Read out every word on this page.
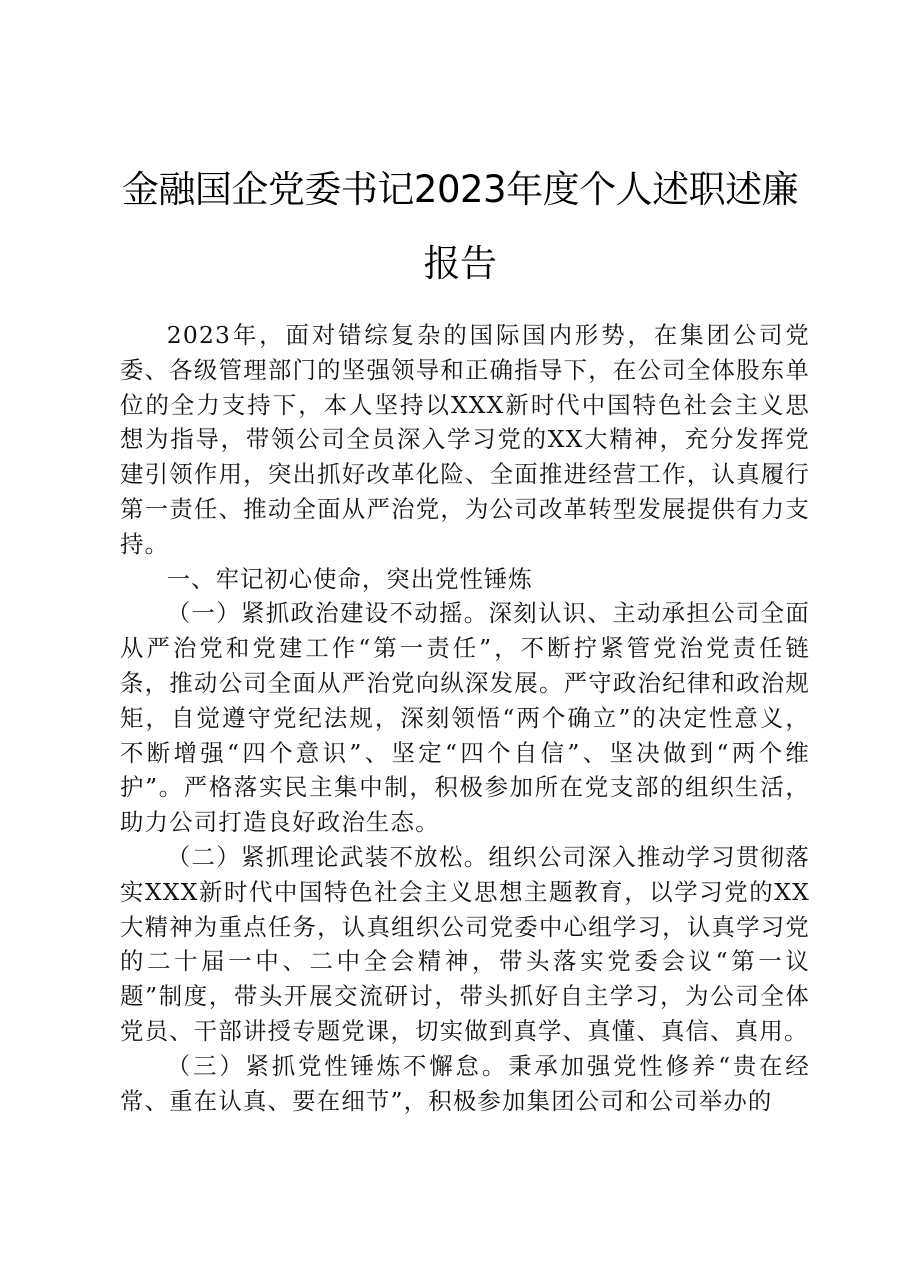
金融国企党委书记2023年度个人述职述廉报告

2023年，面对错综复杂的国际国内形势，在集团公司党委、各级管理部门的坚强领导和正确指导下，在公司全体股东单位的全力支持下，本人坚持以XXX新时代中国特色社会主义思想为指导，带领公司全员深入学习党的XX大精神，充分发挥党建引领作用，突出抓好改革化险、全面推进经营工作，认真履行第一责任、推动全面从严治党，为公司改革转型发展提供有力支持。

一、牢记初心使命，突出党性锤炼

（一）紧抓政治建设不动摇。深刻认识、主动承担公司全面从严治党和党建工作“第一责任”，不断拧紧管党治党责任链条，推动公司全面从严治党向纵深发展。严守政治纪律和政治规矩，自觉遵守党纪法规，深刻领悟“两个确立”的决定性意义，不断增强“四个意识”、坚定“四个自信”、坚决做到“两个维护”。严格落实民主集中制，积极参加所在党支部的组织生活，助力公司打造良好政治生态。

（二）紧抓理论武装不放松。组织公司深入推动学习贯彻落实XXX新时代中国特色社会主义思想主题教育，以学习党的XX大精神为重点任务，认真组织公司党委中心组学习，认真学习党的二十届一中、二中全会精神，带头落实党委会议“第一议题”制度，带头开展交流研讨，带头抓好自主学习，为公司全体党员、干部讲授专题党课，切实做到真学、真懂、真信、真用。

（三）紧抓党性锤炼不懈怠。秉承加强党性修养“贵在经常、重在认真、要在细节”，积极参加集团公司和公司举办的
